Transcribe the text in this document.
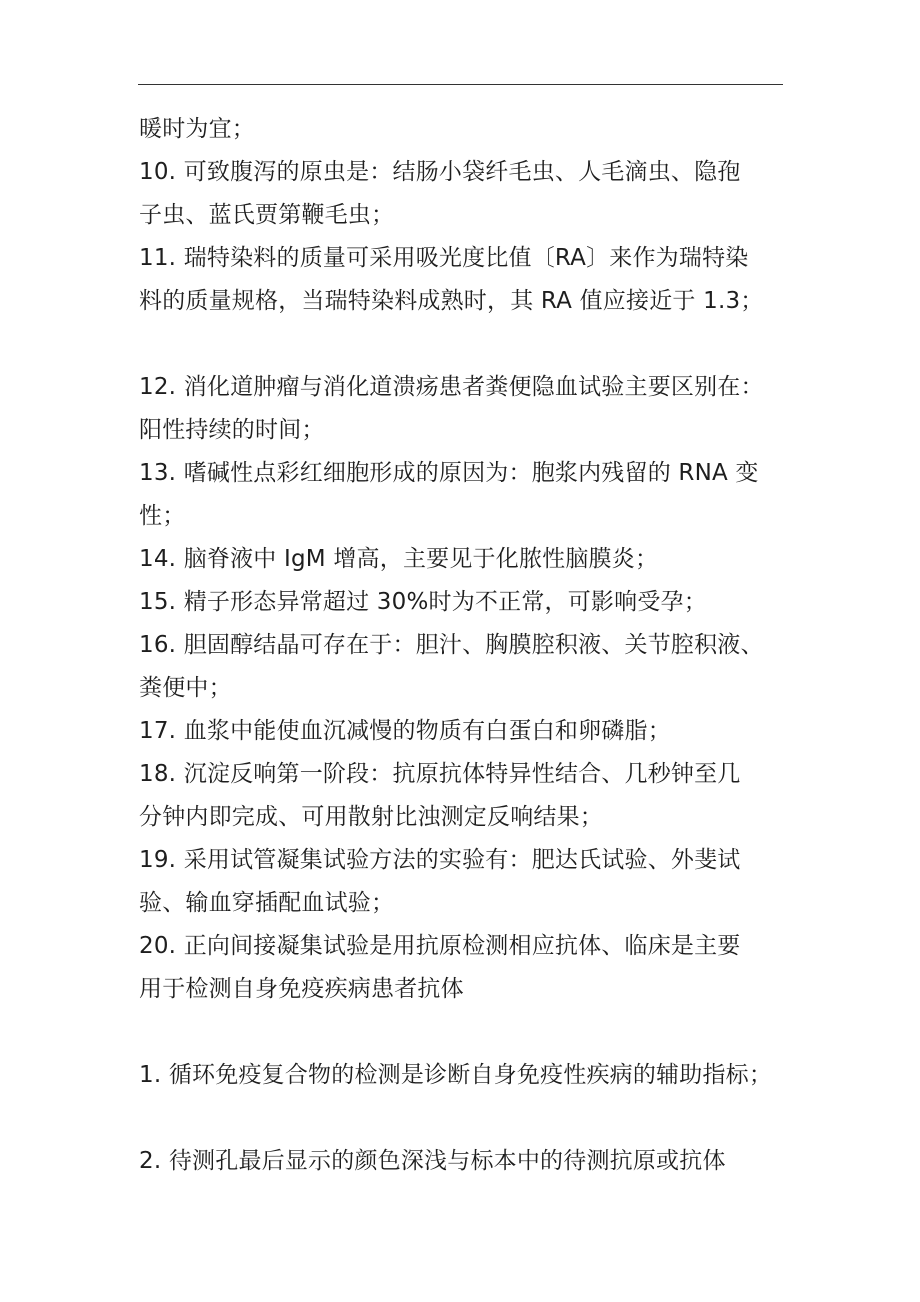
暖时为宜；
10. 可致腹泻的原虫是：结肠小袋纤毛虫、人毛滴虫、隐孢
子虫、蓝氏贾第鞭毛虫；
11. 瑞特染料的质量可采用吸光度比值〔RA〕来作为瑞特染
料的质量规格，当瑞特染料成熟时，其 RA 值应接近于 1.3；
12. 消化道肿瘤与消化道溃疡患者粪便隐血试验主要区别在：
阳性持续的时间；
13. 嗜碱性点彩红细胞形成的原因为：胞浆内残留的 RNA 变
性；
14. 脑脊液中 IgM 增高，主要见于化脓性脑膜炎；
15. 精子形态异常超过 30%时为不正常，可影响受孕；
16. 胆固醇结晶可存在于：胆汁、胸膜腔积液、关节腔积液、
粪便中；
17. 血浆中能使血沉减慢的物质有白蛋白和卵磷脂；
18. 沉淀反响第一阶段：抗原抗体特异性结合、几秒钟至几
分钟内即完成、可用散射比浊测定反响结果；
19. 采用试管凝集试验方法的实验有：肥达氏试验、外斐试
验、输血穿插配血试验；
20. 正向间接凝集试验是用抗原检测相应抗体、临床是主要
用于检测自身免疫疾病患者抗体
1. 循环免疫复合物的检测是诊断自身免疫性疾病的辅助指标；
2. 待测孔最后显示的颜色深浅与标本中的待测抗原或抗体
